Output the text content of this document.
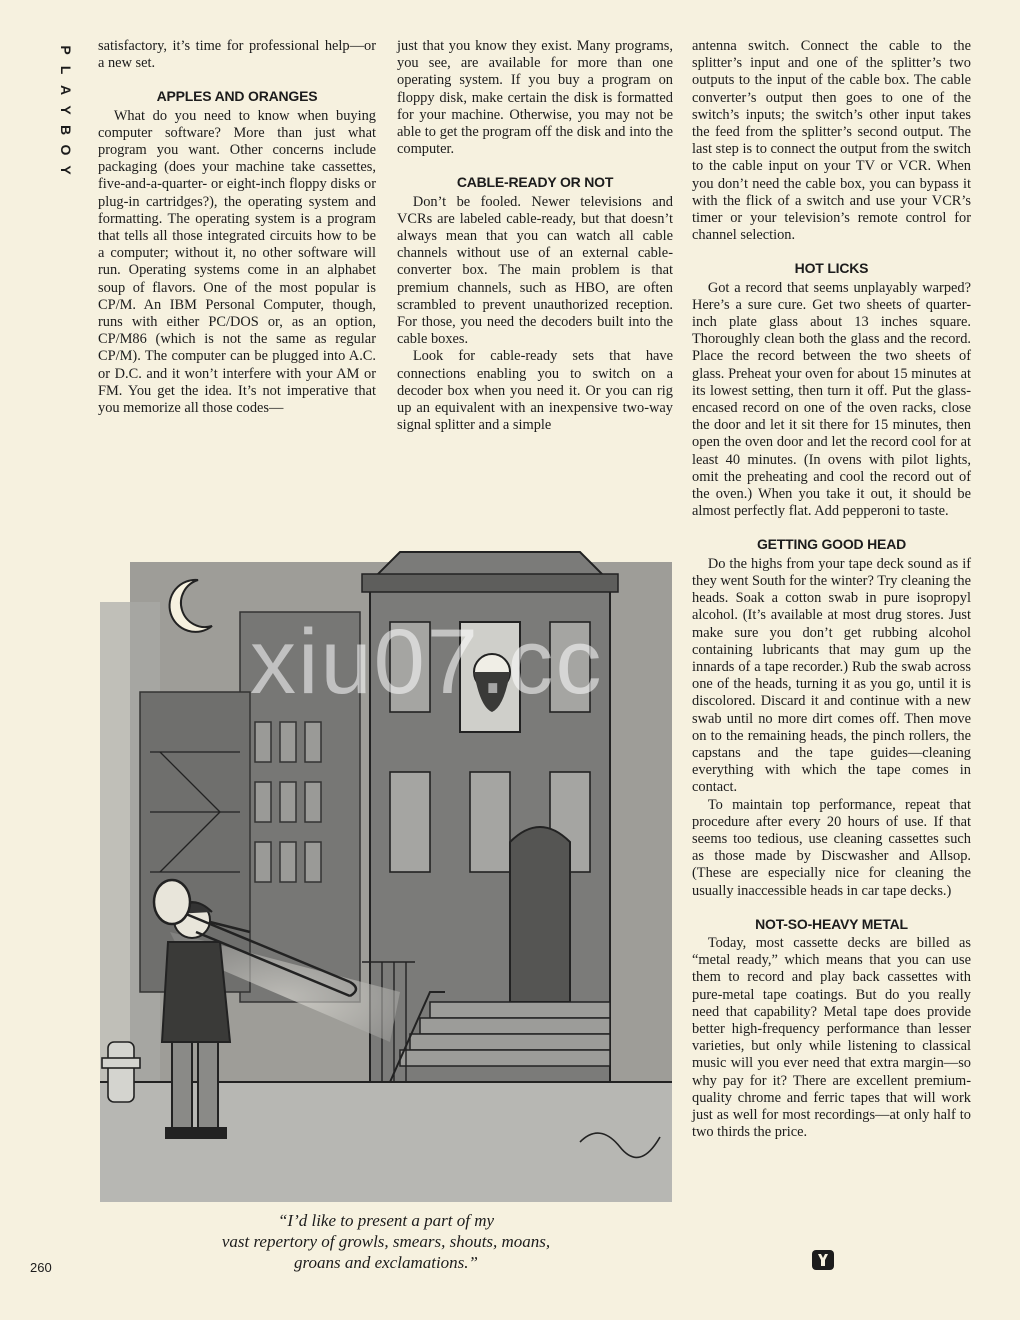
P
L
A
Y
B
O
Y

satisfactory, it’s time for professional help—or a new set.

APPLES AND ORANGES

What do you need to know when buying computer software? More than just what program you want. Other concerns include packaging (does your machine take cassettes, five-and-a-quarter- or eight-inch floppy disks or plug-in cartridges?), the operating system and formatting. The operating system is a program that tells all those integrated circuits how to be a computer; without it, no other software will run. Operating systems come in an alphabet soup of flavors. One of the most popular is CP/M. An IBM Personal Computer, though, runs with either PC/DOS or, as an option, CP/M86 (which is not the same as regular CP/M). The computer can be plugged into A.C. or D.C. and it won’t interfere with your AM or FM. You get the idea. It’s not imperative that you memorize all those codes—

just that you know they exist. Many programs, you see, are available for more than one operating system. If you buy a program on floppy disk, make certain the disk is formatted for your machine. Otherwise, you may not be able to get the program off the disk and into the computer.

CABLE-READY OR NOT

Don’t be fooled. Newer televisions and VCRs are labeled cable-ready, but that doesn’t always mean that you can watch all cable channels without use of an external cable-converter box. The main problem is that premium channels, such as HBO, are often scrambled to prevent unauthorized reception. For those, you need the decoders built into the cable boxes.

Look for cable-ready sets that have connections enabling you to switch on a decoder box when you need it. Or you can rig up an equivalent with an inexpensive two-way signal splitter and a simple

antenna switch. Connect the cable to the splitter’s input and one of the splitter’s two outputs to the input of the cable box. The cable converter’s output then goes to one of the switch’s inputs; the switch’s other input takes the feed from the splitter’s second output. The last step is to connect the output from the switch to the cable input on your TV or VCR. When you don’t need the cable box, you can bypass it with the flick of a switch and use your VCR’s timer or your television’s remote control for channel selection.

HOT LICKS

Got a record that seems unplayably warped? Here’s a sure cure. Get two sheets of quarter-inch plate glass about 13 inches square. Thoroughly clean both the glass and the record. Place the record between the two sheets of glass. Preheat your oven for about 15 minutes at its lowest setting, then turn it off. Put the glass-encased record on one of the oven racks, close the door and let it sit there for 15 minutes, then open the oven door and let the record cool for at least 40 minutes. (In ovens with pilot lights, omit the preheating and cool the record out of the oven.) When you take it out, it should be almost perfectly flat. Add pepperoni to taste.

GETTING GOOD HEAD

Do the highs from your tape deck sound as if they went South for the winter? Try cleaning the heads. Soak a cotton swab in pure isopropyl alcohol. (It’s available at most drug stores. Just make sure you don’t get rubbing alcohol containing lubricants that may gum up the innards of a tape recorder.) Rub the swab across one of the heads, turning it as you go, until it is discolored. Discard it and continue with a new swab until no more dirt comes off. Then move on to the remaining heads, the pinch rollers, the capstans and the tape guides—cleaning everything with which the tape comes in contact.

To maintain top performance, repeat that procedure after every 20 hours of use. If that seems too tedious, use cleaning cassettes such as those made by Discwasher and Allsop. (These are especially nice for cleaning the usually inaccessible heads in car tape decks.)

NOT-SO-HEAVY METAL

Today, most cassette decks are billed as “metal ready,” which means that you can use them to record and play back cassettes with pure-metal tape coatings. But do you really need that capability? Metal tape does provide better high-frequency performance than lesser varieties, but only while listening to classical music will you ever need that extra margin—so why pay for it? There are excellent premium-quality chrome and ferric tapes that will work just as well for most recordings—at only half to two thirds the price.

xiu07.cc
“I’d like to present a part of my
vast repertory of growls, smears, shouts, moans,
groans and exclamations.”
260
